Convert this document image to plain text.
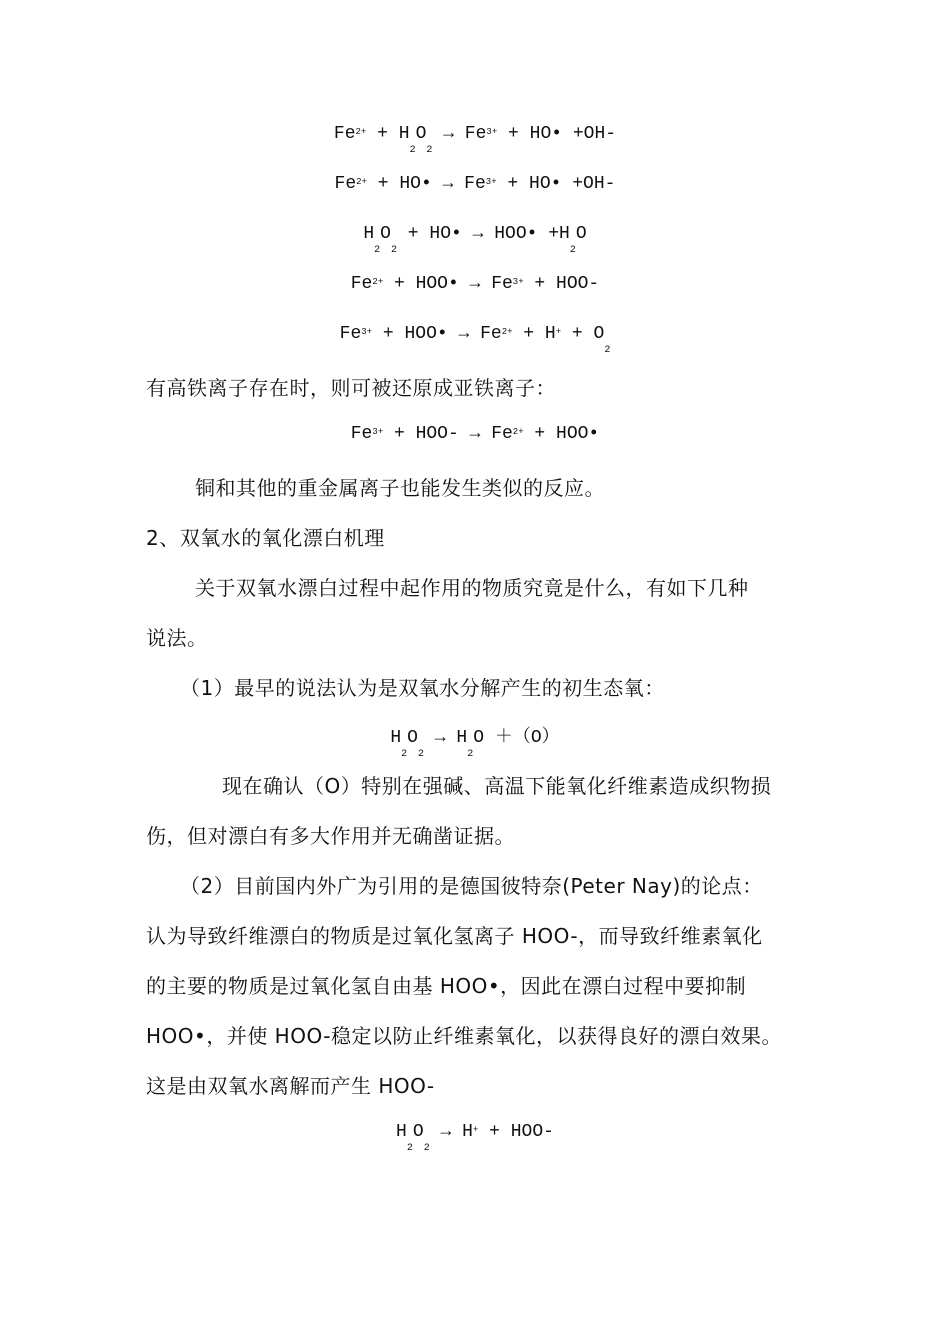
$Fe^{2+} + H_2O_2 \to Fe^{3+}$ + HO• +OH-
$Fe^{2+}$ + HO• → $Fe^{3+}$ + HO• +OH-
$H_2O_2$ + HO• → HOO• $+H_2O$
$Fe^{2+}$ + HOO• → $Fe^{3+} + HOO-$
$Fe^{3+}$ + HOO• → $Fe^{2+} + H^+ + O_2$
有高铁离子存在时，则可被还原成亚铁离子：
$Fe^{3+} + HOO- \to Fe^{2+}$ + HOO•
铜和其他的重金属离子也能发生类似的反应。
2、双氧水的氧化漂白机理
关于双氧水漂白过程中起作用的物质究竟是什么，有如下几种
说法。
（1）最早的说法认为是双氧水分解产生的初生态氧：
$H_2O_2 \to H_2O +(O)$
现在确认（O）特别在强碱、高温下能氧化纤维素造成织物损
伤，但对漂白有多大作用并无确凿证据。
（2）目前国内外广为引用的是德国彼特奈(Peter Nay)的论点：
认为导致纤维漂白的物质是过氧化氢离子 HOO-，而导致纤维素氧化
的主要的物质是过氧化氢自由基 HOO•，因此在漂白过程中要抑制
HOO•，并使 HOO-稳定以防止纤维素氧化，以获得良好的漂白效果。
这是由双氧水离解而产生 HOO-
$H_2O_2 \to H^+ + HOO-$
